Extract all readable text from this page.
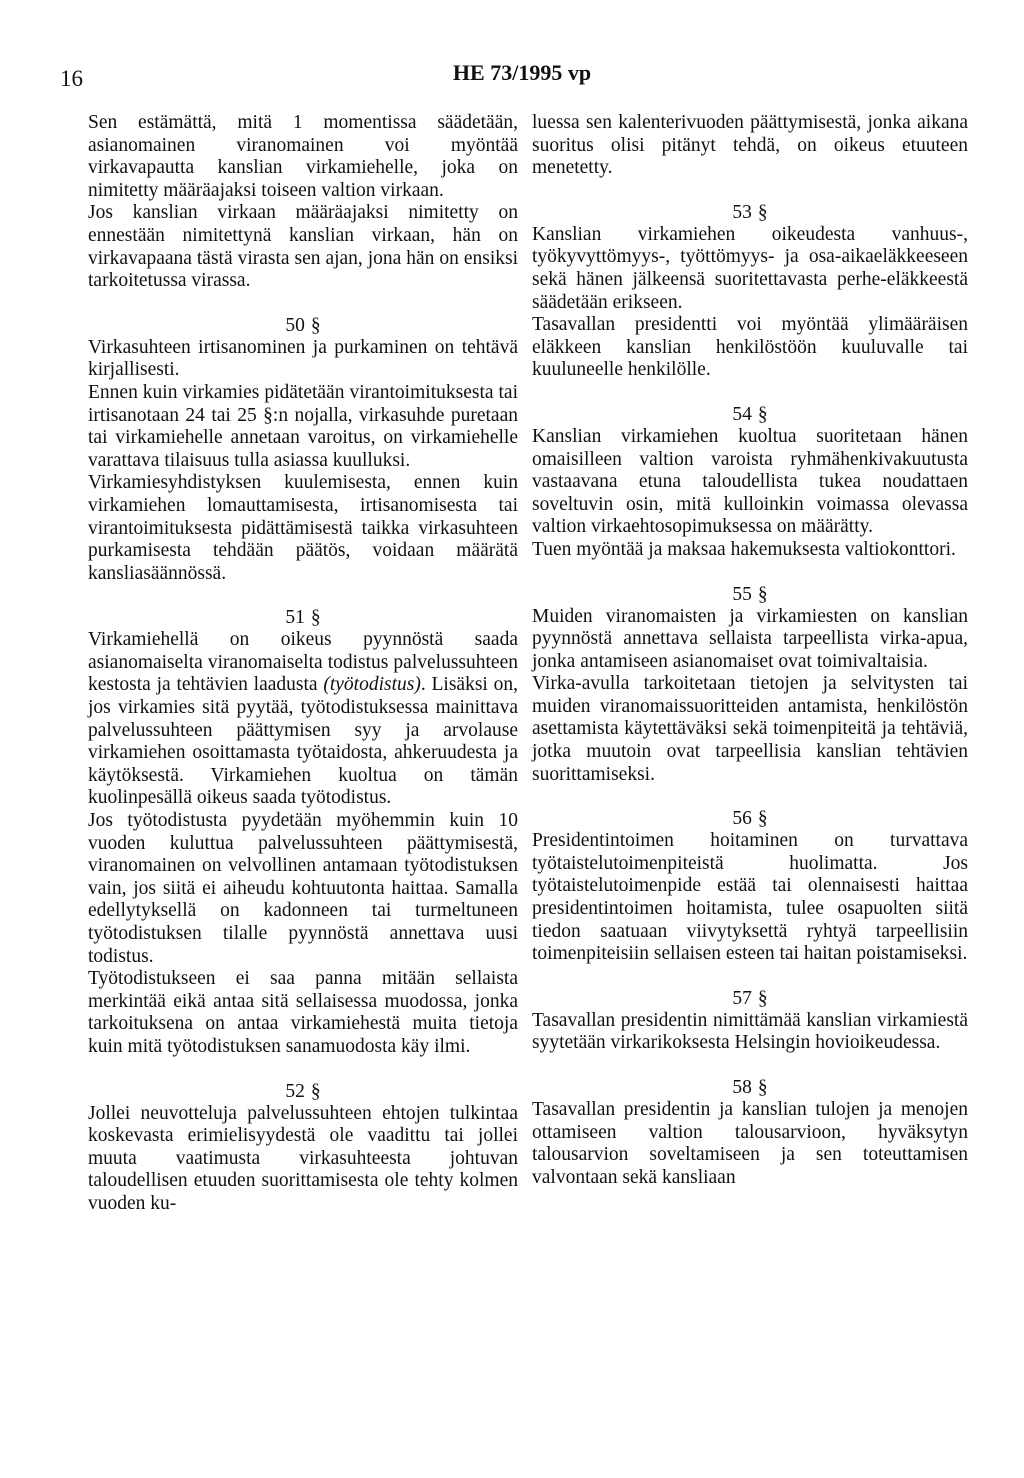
16	HE 73/1995 vp

Sen estämättä, mitä 1 momentissa säädetään, asianomainen viranomainen voi myöntää virkavapautta kanslian virkamiehelle, joka on nimitetty määräajaksi toiseen valtion virkaan.

Jos kanslian virkaan määräajaksi nimitetty on ennestään nimitettynä kanslian virkaan, hän on virkavapaana tästä virasta sen ajan, jona hän on ensiksi tarkoitetussa virassa.

50 §

Virkasuhteen irtisanominen ja purkaminen on tehtävä kirjallisesti.

Ennen kuin virkamies pidätetään virantoimituksesta tai irtisanotaan 24 tai 25 §:n nojalla, virkasuhde puretaan tai virkamiehelle annetaan varoitus, on virkamiehelle varattava tilaisuus tulla asiassa kuulluksi.

Virkamiesyhdistyksen kuulemisesta, ennen kuin virkamiehen lomauttamisesta, irtisanomisesta tai virantoimituksesta pidättämisestä taikka virkasuhteen purkamisesta tehdään päätös, voidaan määrätä kansliasäännössä.

51 §

Virkamiehellä on oikeus pyynnöstä saada asianomaiselta viranomaiselta todistus palvelussuhteen kestosta ja tehtävien laadusta (työtodistus). Lisäksi on, jos virkamies sitä pyytää, työtodistuksessa mainittava palvelussuhteen päättymisen syy ja arvolause virkamiehen osoittamasta työtaidosta, ahkeruudesta ja käytöksestä. Virkamiehen kuoltua on tämän kuolinpesällä oikeus saada työtodistus.

Jos työtodistusta pyydetään myöhemmin kuin 10 vuoden kuluttua palvelussuhteen päättymisestä, viranomainen on velvollinen antamaan työtodistuksen vain, jos siitä ei aiheudu kohtuutonta haittaa. Samalla edellytyksellä on kadonneen tai turmeltuneen työtodistuksen tilalle pyynnöstä annettava uusi todistus.

Työtodistukseen ei saa panna mitään sellaista merkintää eikä antaa sitä sellaisessa muodossa, jonka tarkoituksena on antaa virkamiehestä muita tietoja kuin mitä työtodistuksen sanamuodosta käy ilmi.

52 §

Jollei neuvotteluja palvelussuhteen ehtojen tulkintaa koskevasta erimielisyydestä ole vaadittu tai jollei muuta vaatimusta virkasuhteesta johtuvan taloudellisen etuuden suorittamisesta ole tehty kolmen vuoden ku-

luessa sen kalenterivuoden päättymisestä, jonka aikana suoritus olisi pitänyt tehdä, on oikeus etuuteen menetetty.

53 §

Kanslian virkamiehen oikeudesta vanhuus-, työkyvyttömyys-, työttömyys- ja osa-aikaeläkkeeseen sekä hänen jälkeensä suoritettavasta perhe-eläkkeestä säädetään erikseen.

Tasavallan presidentti voi myöntää ylimääräisen eläkkeen kanslian henkilöstöön kuuluvalle tai kuuluneelle henkilölle.

54 §

Kanslian virkamiehen kuoltua suoritetaan hänen omaisilleen valtion varoista ryhmähenkivakuutusta vastaavana etuna taloudellista tukea noudattaen soveltuvin osin, mitä kulloinkin voimassa olevassa valtion virkaehtosopimuksessa on määrätty.

Tuen myöntää ja maksaa hakemuksesta valtiokonttori.

55 §

Muiden viranomaisten ja virkamiesten on kanslian pyynnöstä annettava sellaista tarpeellista virka-apua, jonka antamiseen asianomaiset ovat toimivaltaisia.

Virka-avulla tarkoitetaan tietojen ja selvitysten tai muiden viranomaissuoritteiden antamista, henkilöstön asettamista käytettäväksi sekä toimenpiteitä ja tehtäviä, jotka muutoin ovat tarpeellisia kanslian tehtävien suorittamiseksi.

56 §

Presidentintoimen hoitaminen on turvattava työtaistelutoimenpiteistä huolimatta. Jos työtaistelutoimenpide estää tai olennaisesti haittaa presidentintoimen hoitamista, tulee osapuolten siitä tiedon saatuaan viivytyksettä ryhtyä tarpeellisiin toimenpiteisiin sellaisen esteen tai haitan poistamiseksi.

57 §

Tasavallan presidentin nimittämää kanslian virkamiestä syytetään virkarikoksesta Helsingin hovioikeudessa.

58 §

Tasavallan presidentin ja kanslian tulojen ja menojen ottamiseen valtion talousarvioon, hyväksytyn talousarvion soveltamiseen ja sen toteuttamisen valvontaan sekä kansliaan
